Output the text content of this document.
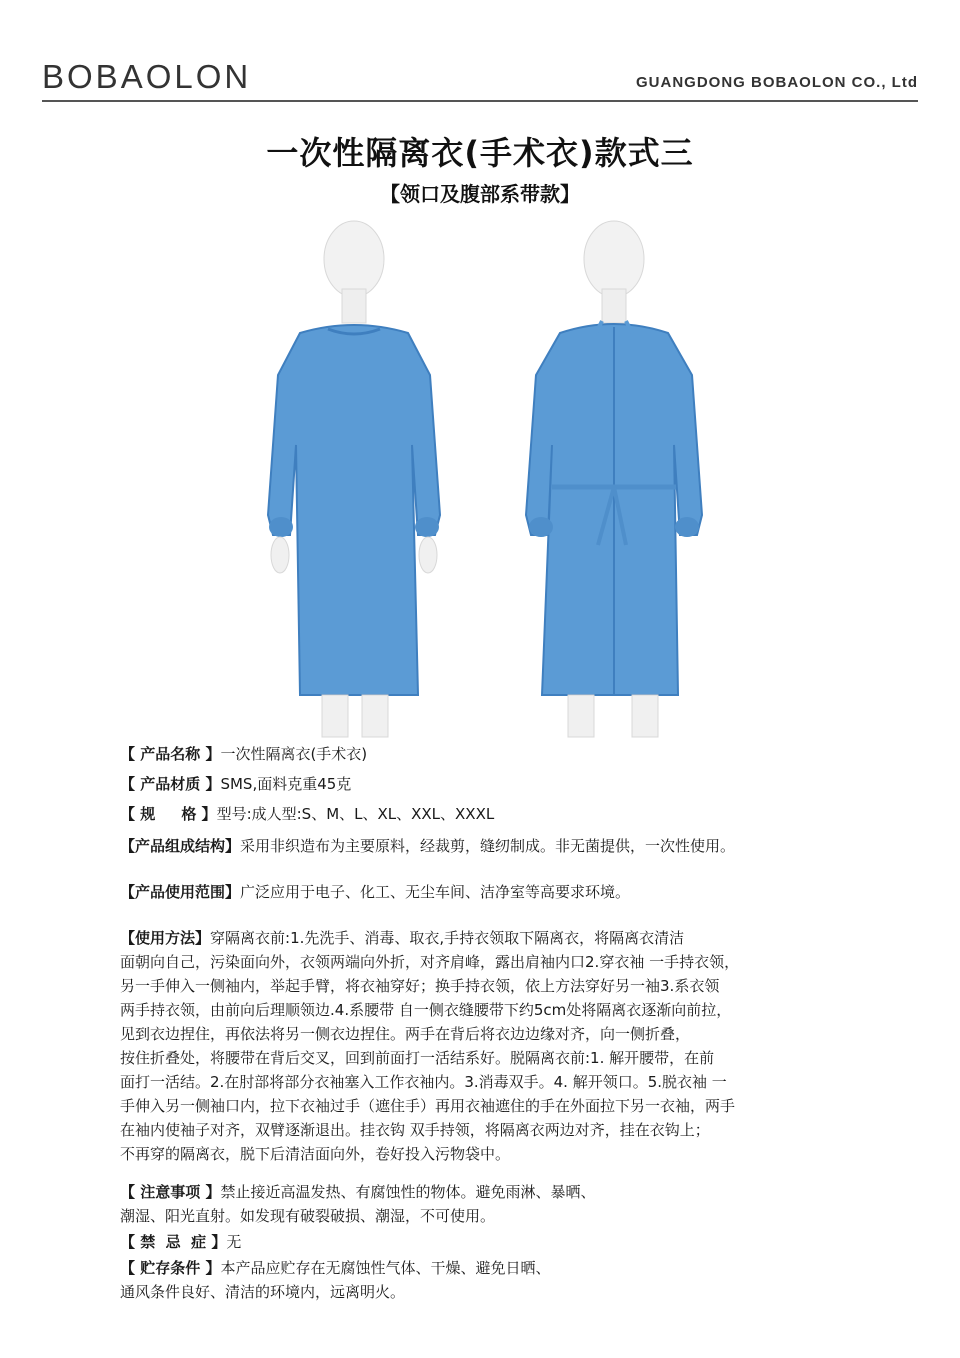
BOBAOLON	GUANGDONG BOBAOLON CO., Ltd
一次性隔离衣(手术衣)款式三
【领口及腹部系带款】
【 产品名称 】一次性隔离衣(手术衣)
【 产品材质 】SMS,面料克重45克
【 规     格 】型号:成人型:S、M、L、XL、XXL、XXXL
【产品组成结构】采用非织造布为主要原料，经裁剪，缝纫制成。非无菌提供，一次性使用。
【产品使用范围】广泛应用于电子、化工、无尘车间、洁净室等高要求环境。
【使用方法】穿隔离衣前:1.先洗手、消毒、取衣,手持衣领取下隔离衣，将隔离衣清洁
面朝向自己，污染面向外，衣领两端向外折，对齐肩峰，露出肩袖内口2.穿衣袖 一手持衣领，
另一手伸入一侧袖内，举起手臂，将衣袖穿好；换手持衣领，依上方法穿好另一袖3.系衣领
两手持衣领，由前向后理顺领边.4.系腰带 自一侧衣缝腰带下约5cm处将隔离衣逐渐向前拉，
见到衣边捏住，再依法将另一侧衣边捏住。两手在背后将衣边边缘对齐，向一侧折叠，
按住折叠处，将腰带在背后交叉，回到前面打一活结系好。脱隔离衣前:1. 解开腰带，在前
面打一活结。2.在肘部将部分衣袖塞入工作衣袖内。3.消毒双手。4. 解开领口。5.脱衣袖 一
手伸入另一侧袖口内，拉下衣袖过手（遮住手）再用衣袖遮住的手在外面拉下另一衣袖，两手
在袖内使袖子对齐，双臂逐渐退出。挂衣钩 双手持领，将隔离衣两边对齐，挂在衣钩上；
不再穿的隔离衣，脱下后清洁面向外，卷好投入污物袋中。
【 注意事项 】禁止接近高温发热、有腐蚀性的物体。避免雨淋、暴晒、
潮湿、阳光直射。如发现有破裂破损、潮湿，不可使用。
【 禁  忌  症 】无
【 贮存条件 】本产品应贮存在无腐蚀性气体、干燥、避免日晒、
通风条件良好、清洁的环境内，远离明火。
